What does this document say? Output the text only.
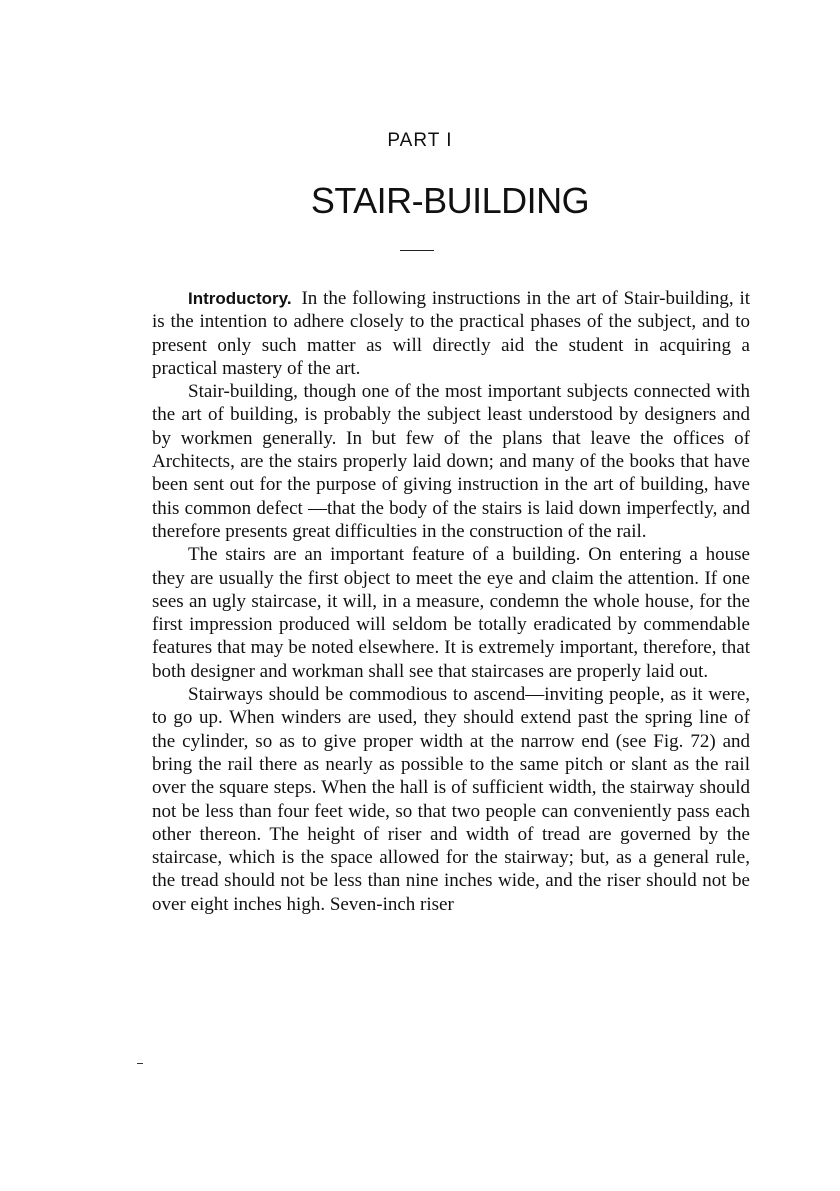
PART I
STAIR-BUILDING

Introductory. In the following instructions in the art of Stair-building, it is the intention to adhere closely to the practical phases of the subject, and to present only such matter as will directly aid the student in acquiring a practical mastery of the art.

Stair-building, though one of the most important subjects connected with the art of building, is probably the subject least understood by designers and by workmen generally. In but few of the plans that leave the offices of Architects, are the stairs properly laid down; and many of the books that have been sent out for the purpose of giving instruction in the art of building, have this common defect —that the body of the stairs is laid down imperfectly, and therefore presents great difficulties in the construction of the rail.

The stairs are an important feature of a building. On entering a house they are usually the first object to meet the eye and claim the attention. If one sees an ugly staircase, it will, in a measure, condemn the whole house, for the first impression produced will seldom be totally eradicated by commendable features that may be noted elsewhere. It is extremely important, therefore, that both designer and workman shall see that staircases are properly laid out.

Stairways should be commodious to ascend—inviting people, as it were, to go up. When winders are used, they should extend past the spring line of the cylinder, so as to give proper width at the narrow end (see Fig. 72) and bring the rail there as nearly as possible to the same pitch or slant as the rail over the square steps. When the hall is of sufficient width, the stairway should not be less than four feet wide, so that two people can conveniently pass each other thereon. The height of riser and width of tread are governed by the staircase, which is the space allowed for the stairway; but, as a general rule, the tread should not be less than nine inches wide, and the riser should not be over eight inches high. Seven-inch riser
